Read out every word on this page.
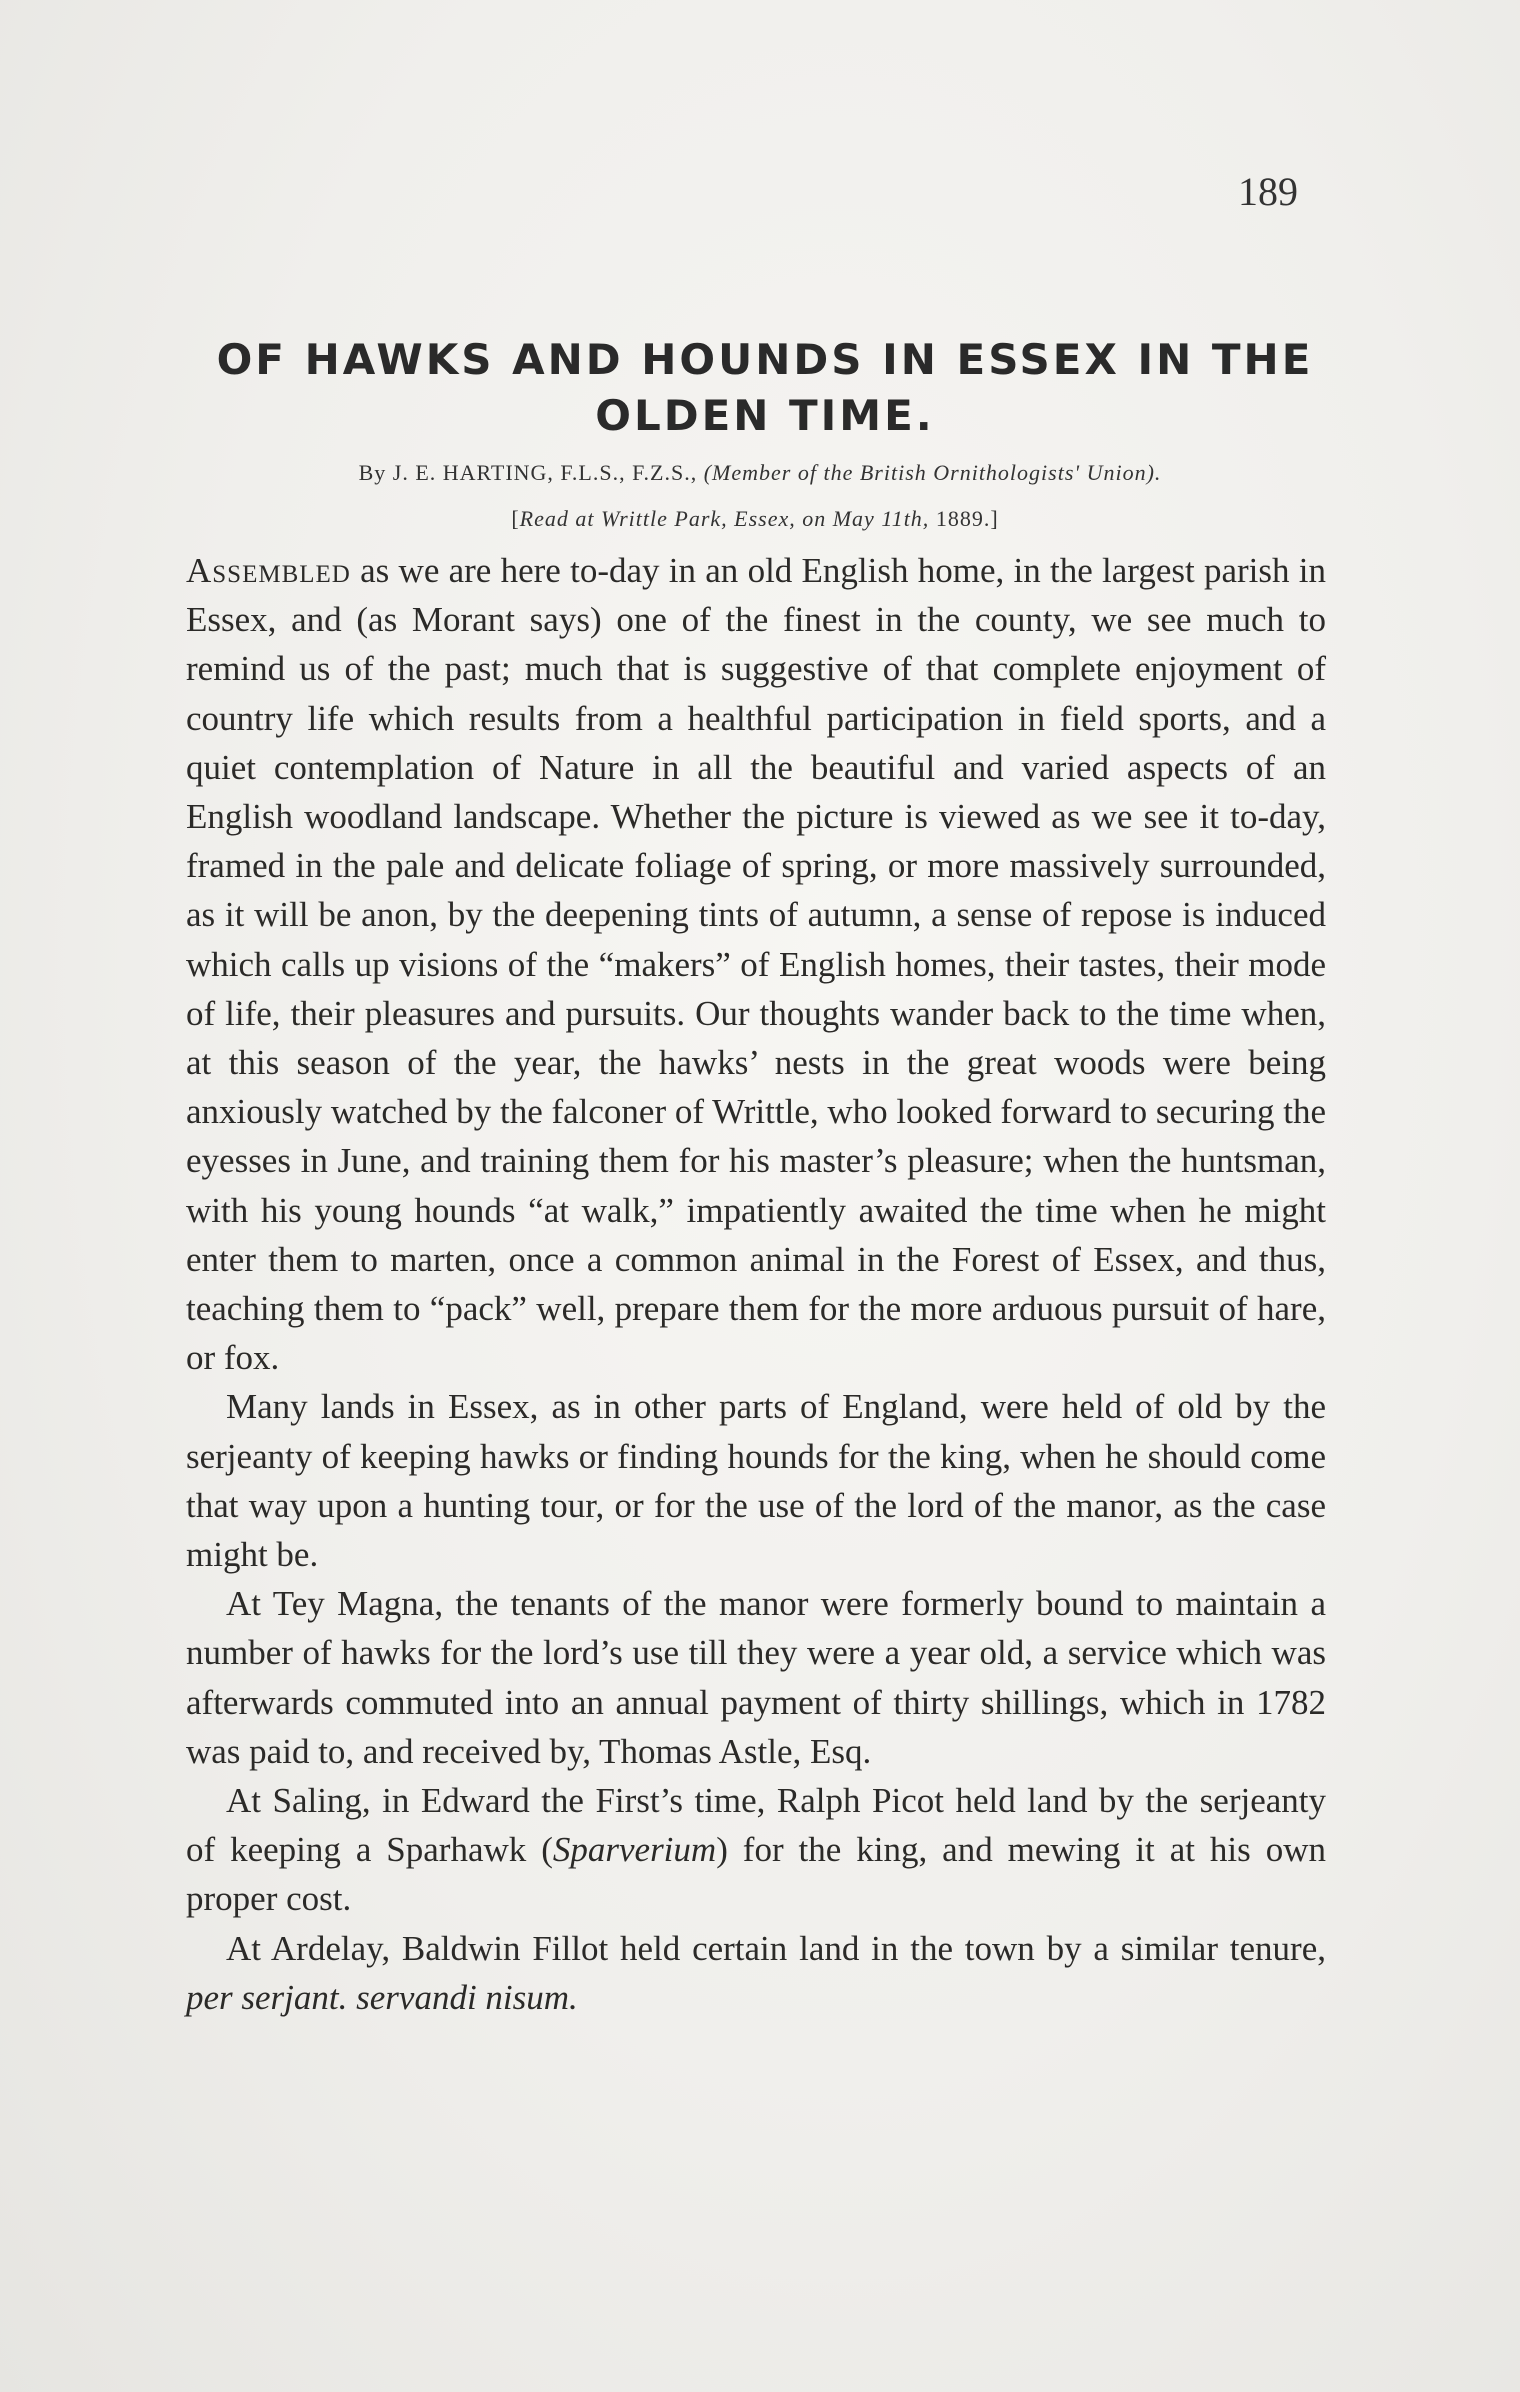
189
OF HAWKS AND HOUNDS IN ESSEX IN THE OLDEN TIME.
By J. E. HARTING, F.L.S., F.Z.S., (Member of the British Ornithologists' Union).
[Read at Writtle Park, Essex, on May 11th, 1889.]

Assembled as we are here to-day in an old English home, in the largest parish in Essex, and (as Morant says) one of the finest in the county, we see much to remind us of the past; much that is suggestive of that complete enjoyment of country life which results from a healthful participation in field sports, and a quiet contemplation of Nature in all the beautiful and varied aspects of an English woodland landscape. Whether the picture is viewed as we see it to-day, framed in the pale and delicate foliage of spring, or more massively surrounded, as it will be anon, by the deepening tints of autumn, a sense of repose is induced which calls up visions of the “makers” of English homes, their tastes, their mode of life, their pleasures and pursuits. Our thoughts wander back to the time when, at this season of the year, the hawks’ nests in the great woods were being anxiously watched by the falconer of Writtle, who looked forward to securing the eyesses in June, and training them for his master’s pleasure; when the huntsman, with his young hounds “at walk,” impatiently awaited the time when he might enter them to marten, once a common animal in the Forest of Essex, and thus, teaching them to “pack” well, prepare them for the more arduous pursuit of hare, or fox.

Many lands in Essex, as in other parts of England, were held of old by the serjeanty of keeping hawks or finding hounds for the king, when he should come that way upon a hunting tour, or for the use of the lord of the manor, as the case might be.

At Tey Magna, the tenants of the manor were formerly bound to maintain a number of hawks for the lord’s use till they were a year old, a service which was afterwards commuted into an annual payment of thirty shillings, which in 1782 was paid to, and received by, Thomas Astle, Esq.

At Saling, in Edward the First’s time, Ralph Picot held land by the serjeanty of keeping a Sparhawk (Sparverium) for the king, and mewing it at his own proper cost.

At Ardelay, Baldwin Fillot held certain land in the town by a similar tenure, per serjant. servandi nisum.
